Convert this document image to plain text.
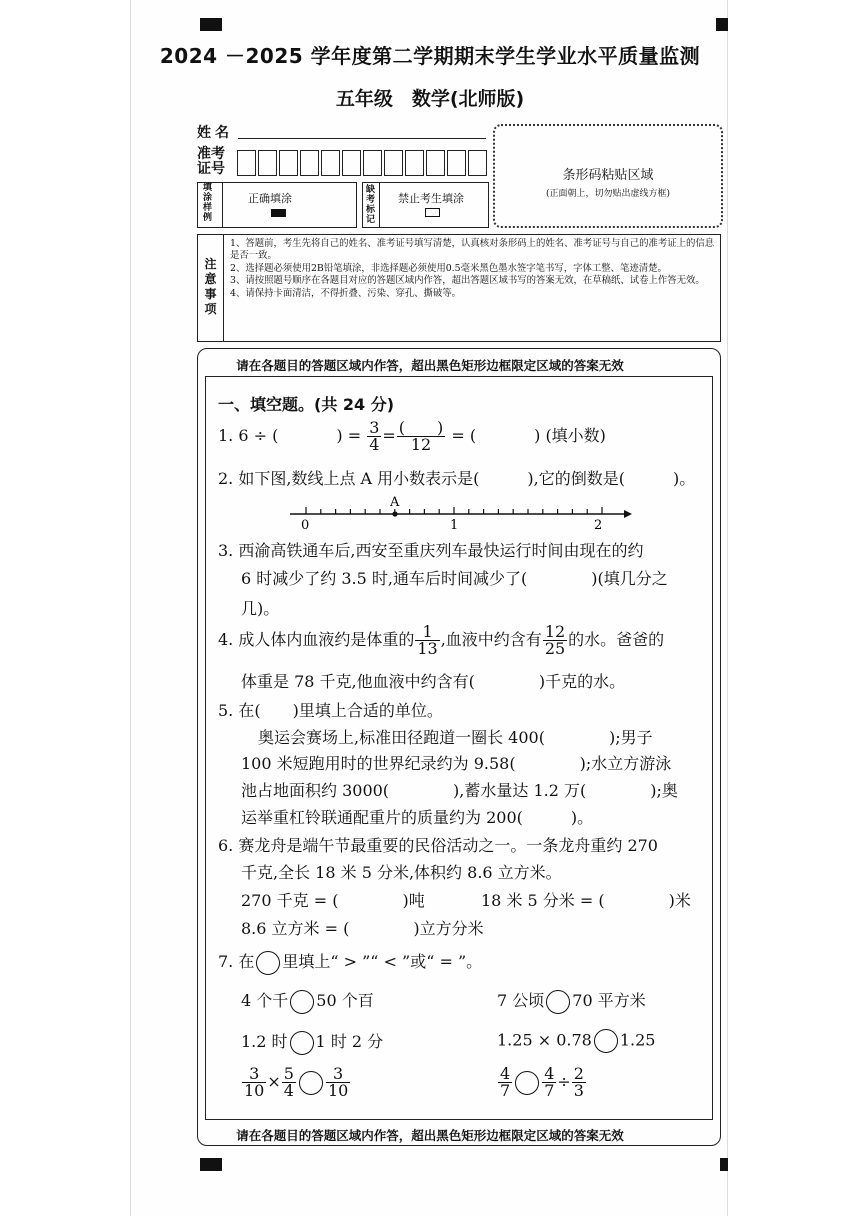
2024 －2025 学年度第二学期期末学生学业水平质量监测
五年级　数学(北师版)
姓名
准考
证号
填涂样例
正确填涂
缺考标记
禁止考生填涂
条形码粘贴区域
(正面朝上，切勿贴出虚线方框)
注意事项
1、答题前，考生先将自己的姓名、准考证号填写清楚，认真核对条形码上的姓名、准考证号与自己的准考证上的信息是否一致。
2、选择题必须使用2B铅笔填涂，非选择题必须使用0.5毫米黑色墨水签字笔书写，字体工整、笔迹清楚。
3、请按照题号顺序在各题目对应的答题区域内作答，超出答题区域书写的答案无效，在草稿纸、试卷上作答无效。
4、请保持卡面清洁，不得折叠、污染、穿孔、撕破等。
请在各题目的答题区域内作答，超出黑色矩形边框限定区域的答案无效
请在各题目的答题区域内作答，超出黑色矩形边框限定区域的答案无效
一、填空题。(共 24 分)
1. 6 ÷ (	) = $\frac{3}{4} = \frac{( )}{12}$ = (	) (填小数)
2. 如下图,数线上点 A 用小数表示是(　　　),它的倒数是(　　　)。
A
0	1	2
3. 西渝高铁通车后,西安至重庆列车最快运行时间由现在的约
6 时减少了约 3.5 时,通车后时间减少了(　　　　)(填几分之
几)。
4. 成人体内血液约是体重的 $\frac{1}{13}$ ,血液中约含有 $\frac{12}{25}$ 的水。爸爸的
体重是 78 千克,他血液中约含有(　　　　)千克的水。
5. 在(　　)里填上合适的单位。
奥运会赛场上,标准田径跑道一圈长 400(　　　　);男子
100 米短跑用时的世界纪录约为 9.58(　　　　);水立方游泳
池占地面积约 3000(　　　　),蓄水量达 1.2 万(　　　　);奥
运举重杠铃联通配重片的质量约为 200(　　　)。
6. 赛龙舟是端午节最重要的民俗活动之一。一条龙舟重约 270
千克,全长 18 米 5 分米,体积约 8.6 立方米。
270 千克 = (　　　　)吨	18 米 5 分米 = (　　　　)米
8.6 立方米 = (　　　　)立方分米
7. 在 里填上“ > ”“ < ”或“ = ”。
4 个千 50 个百	7 公顷 70 平方米
1.2 时 1 时 2 分	1.25 × 0.78 1.25
$\frac{3}{10} \times \frac{5}{4} \frac{3}{10}$	$\frac{4}{7} \frac{4}{7} \div \frac{2}{3}$
